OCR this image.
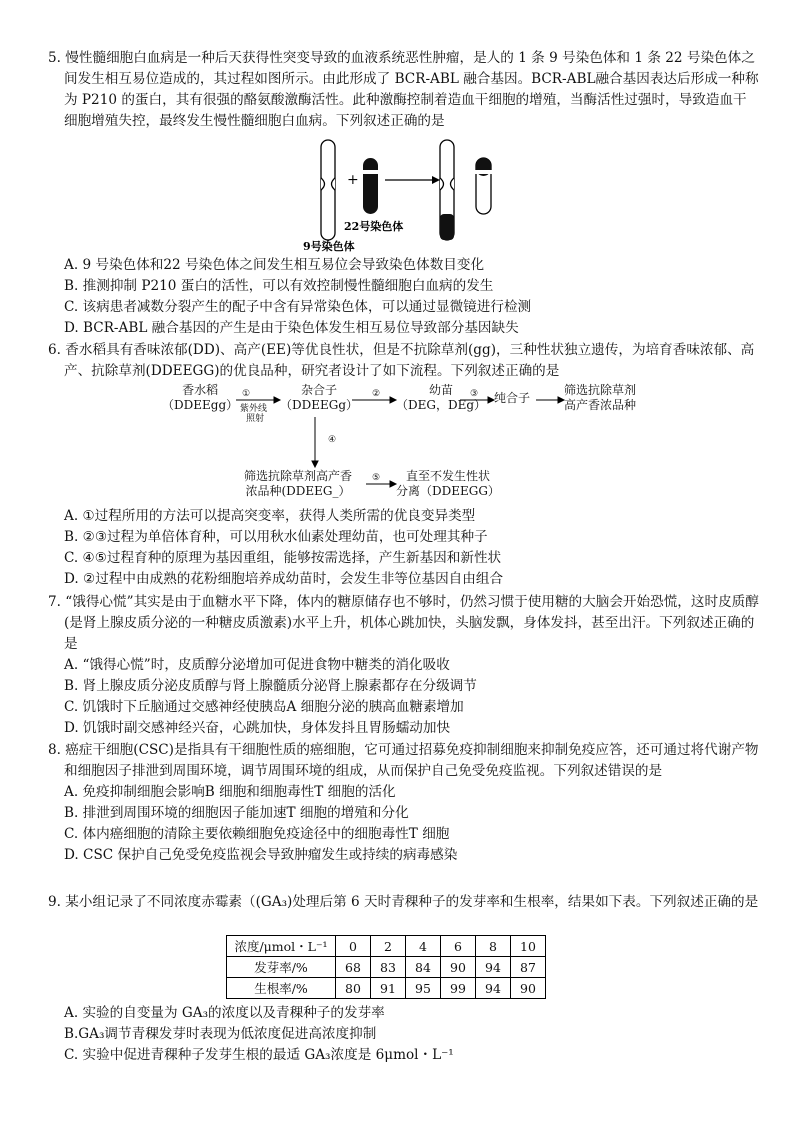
5. 慢性髓细胞白血病是一种后天获得性突变导致的血液系统恶性肿瘤，是人的 1 条 9 号染色体和 1 条 22 号染色体之间发生相互易位造成的，其过程如图所示。由此形成了 BCR-ABL 融合基因。BCR-ABL融合基因表达后形成一种称为 P210 的蛋白，其有很强的酪氨酸激酶活性。此种激酶控制着造血干细胞的增殖，当酶活性过强时，导致造血干细胞增殖失控，最终发生慢性髓细胞白血病。下列叙述正确的是

+
22号染色体
9号染色体

A. 9 号染色体和22 号染色体之间发生相互易位会导致染色体数目变化

B. 推测抑制 P210 蛋白的活性，可以有效控制慢性髓细胞白血病的发生

C. 该病患者减数分裂产生的配子中含有异常染色体，可以通过显微镜进行检测

D. BCR-ABL 融合基因的产生是由于染色体发生相互易位导致部分基因缺失

6. 香水稻具有香味浓郁(DD)、高产(EE)等优良性状，但是不抗除草剂(gg)，三种性状独立遗传，为培育香味浓郁、高产、抗除草剂(DDEEGG)的优良品种，研究者设计了如下流程。下列叙述正确的是

香水稻
（DDEEgg）
①
紫外线
照射
杂合子
（DDEEGg）
②	幼苗
（DEG，DEg）
③ 纯合子
筛选抗除草剂
高产香浓品种
④
筛选抗除草剂高产香
浓品种(DDEEG_）
⑤	直至不发生性状
分离（DDEEGG）

A. ①过程所用的方法可以提高突变率，获得人类所需的优良变异类型

B. ②③过程为单倍体育种，可以用秋水仙素处理幼苗，也可处理其种子

C. ④⑤过程育种的原理为基因重组，能够按需选择，产生新基因和新性状

D. ②过程中由成熟的花粉细胞培养成幼苗时，会发生非等位基因自由组合

7. “饿得心慌”其实是由于血糖水平下降，体内的糖原储存也不够时，仍然习惯于使用糖的大脑会开始恐慌，这时皮质醇(是肾上腺皮质分泌的一种糖皮质激素)水平上升，机体心跳加快，头脑发飘，身体发抖，甚至出汗。下列叙述正确的是

A. “饿得心慌”时，皮质醇分泌增加可促进食物中糖类的消化吸收

B. 肾上腺皮质分泌皮质醇与肾上腺髓质分泌肾上腺素都存在分级调节

C. 饥饿时下丘脑通过交感神经使胰岛A 细胞分泌的胰高血糖素增加

D. 饥饿时副交感神经兴奋，心跳加快，身体发抖且胃肠蠕动加快

8. 癌症干细胞(CSC)是指具有干细胞性质的癌细胞，它可通过招募免疫抑制细胞来抑制免疫应答，还可通过将代谢产物和细胞因子排泄到周围环境，调节周围环境的组成，从而保护自己免受免疫监视。下列叙述错误的是

A. 免疫抑制细胞会影响B 细胞和细胞毒性T 细胞的活化

B. 排泄到周围环境的细胞因子能加速T 细胞的增殖和分化

C. 体内癌细胞的清除主要依赖细胞免疫途径中的细胞毒性T 细胞

D. CSC 保护自己免受免疫监视会导致肿瘤发生或持续的病毒感染

9. 某小组记录了不同浓度赤霉素（(GA₃)处理后第 6 天时青稞种子的发芽率和生根率，结果如下表。下列叙述正确的是

浓度/μmol・L⁻¹	0	2	4	6	8	10
发芽率/%	68	83	84	90	94	87
生根率/%	80	91	95	99	94	90

A. 实验的自变量为 GA₃的浓度以及青稞种子的发芽率

B.GA₃调节青稞发芽时表现为低浓度促进高浓度抑制

C. 实验中促进青稞种子发芽生根的最适 GA₃浓度是 6μmol・L⁻¹
